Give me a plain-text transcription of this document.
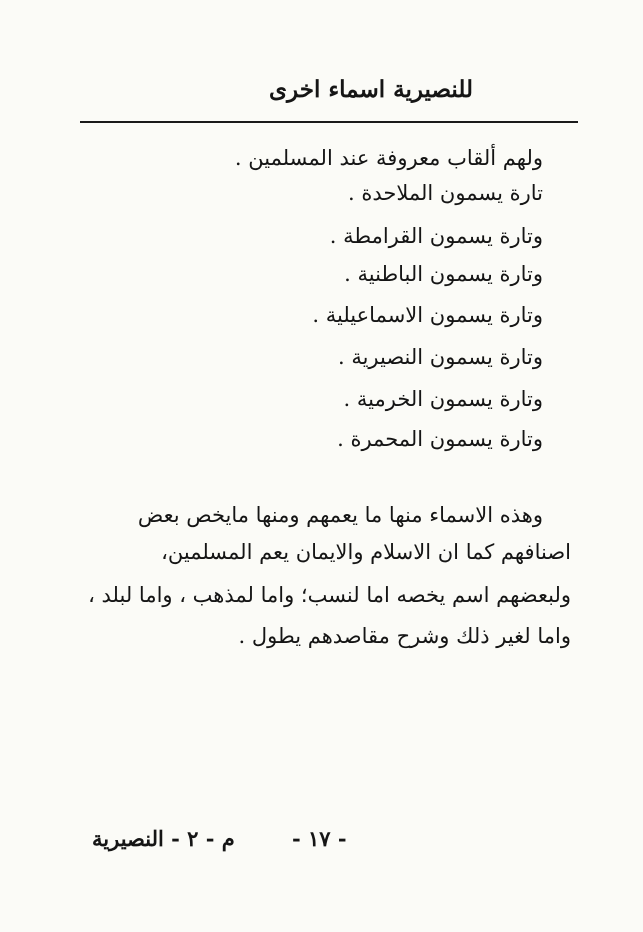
للنصيرية اسماء اخرى
ولهم ألقاب معروفة عند المسلمين .
تارة يسمون الملاحدة .
وتارة يسمون القرامطة .
وتارة يسمون الباطنية .
وتارة يسمون الاسماعيلية .
وتارة يسمون النصيرية .
وتارة يسمون الخرمية .
وتارة يسمون المحمرة .
وهذه الاسماء منها ما يعمهم ومنها مايخص بعض
اصنافهم كما ان الاسلام والايمان يعم المسلمين،
ولبعضهم اسم يخصه اما لنسب؛ واما لمذهب ، واما لبلد ،
واما لغير ذلك وشرح مقاصدهم يطول .
م - ٢ - النصيرية	- ١٧ -
